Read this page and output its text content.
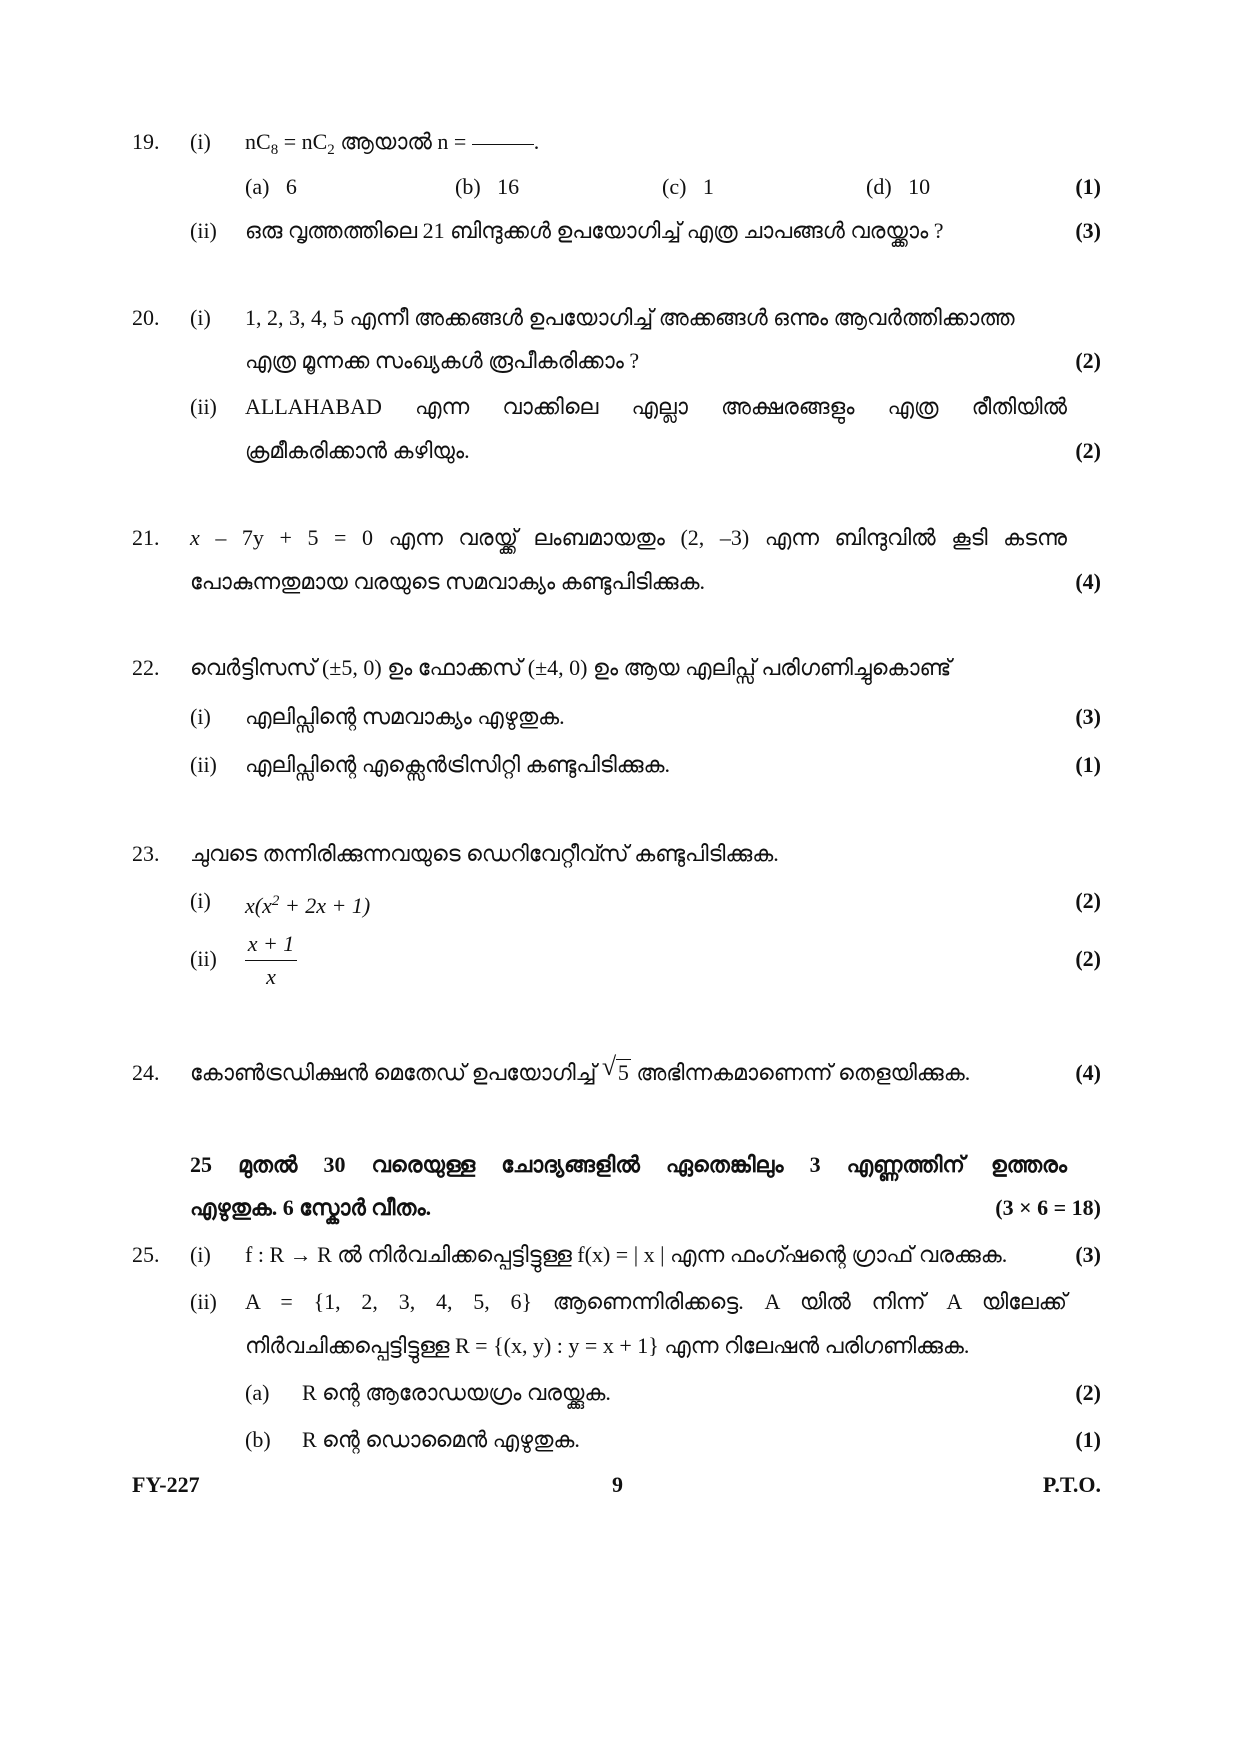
19.	(i)	$nC_8 = nC_2$ ആയാൽ n =	.
(a) 6	(b) 16	(c) 1	(d) 10	(1)
(ii)	ഒരു വൃത്തത്തിലെ 21 ബിന്ദുക്കൾ ഉപയോഗിച്ച് എത്ര ചാപങ്ങൾ വരയ്ക്കാം ?	(3)
20.	(i)	1, 2, 3, 4, 5 എന്നീ അക്കങ്ങൾ ഉപയോഗിച്ച് അക്കങ്ങൾ ഒന്നും ആവർത്തിക്കാത്ത
എത്ര മൂന്നക്ക സംഖ്യകൾ രൂപീകരിക്കാം ?	(2)
(ii)	ALLAHABAD എന്ന വാക്കിലെ എല്ലാ അക്ഷരങ്ങളും എത്ര രീതിയിൽ
ക്രമീകരിക്കാൻ കഴിയും.	(2)
21.	x – 7y + 5 = 0 എന്ന വരയ്ക്ക് ലംബമായതും (2, –3) എന്ന ബിന്ദുവിൽ കൂടി കടന്നു
പോകുന്നതുമായ വരയുടെ സമവാക്യം കണ്ടുപിടിക്കുക.	(4)
22.	വെർട്ടിസസ് (±5, 0) ഉം ഫോക്കസ് (±4, 0) ഉം ആയ എലിപ്സ് പരിഗണിച്ചുകൊണ്ട്
(i)	എലിപ്സിന്റെ സമവാക്യം എഴുതുക.	(3)
(ii)	എലിപ്സിന്റെ എക്സെൻട്രിസിറ്റി കണ്ടുപിടിക്കുക.	(1)
23.	ചുവടെ തന്നിരിക്കുന്നവയുടെ ഡെറിവേറ്റീവ്സ് കണ്ടുപിടിക്കുക.
(i)	$x(x^2 + 2x + 1)$	(2)
(ii)
x + 1
x
(2)
24.	കോൺട്രഡിക്ഷൻ മെതേഡ് ഉപയോഗിച്ച് √ 5 അഭിന്നകമാണെന്ന് തെളയിക്കുക.	(4)
25 മുതൽ 30 വരെയുള്ള ചോദ്യങ്ങളിൽ ഏതെങ്കിലും 3 എണ്ണത്തിന് ഉത്തരം
എഴുതുക. 6 സ്കോർ വീതം.	(3 × 6 = 18)
25.	(i)	f : R → R ൽ നിർവചിക്കപ്പെട്ടിട്ടുള്ള f(x) = | x | എന്ന ഫംഗ്ഷന്റെ ഗ്രാഫ് വരക്കുക.	(3)
(ii)	A = {1, 2, 3, 4, 5, 6} ആണെന്നിരിക്കട്ടെ. A യിൽ നിന്ന് A യിലേക്ക്
നിർവചിക്കപ്പെട്ടിട്ടുള്ള R = {(x, y) : y = x + 1} എന്ന റിലേഷൻ പരിഗണിക്കുക.
(a)	R ന്റെ ആരോഡയഗ്രം വരയ്ക്കുക.	(2)
(b)	R ന്റെ ഡൊമൈൻ എഴുതുക.	(1)
FY-227	9	P.T.O.
